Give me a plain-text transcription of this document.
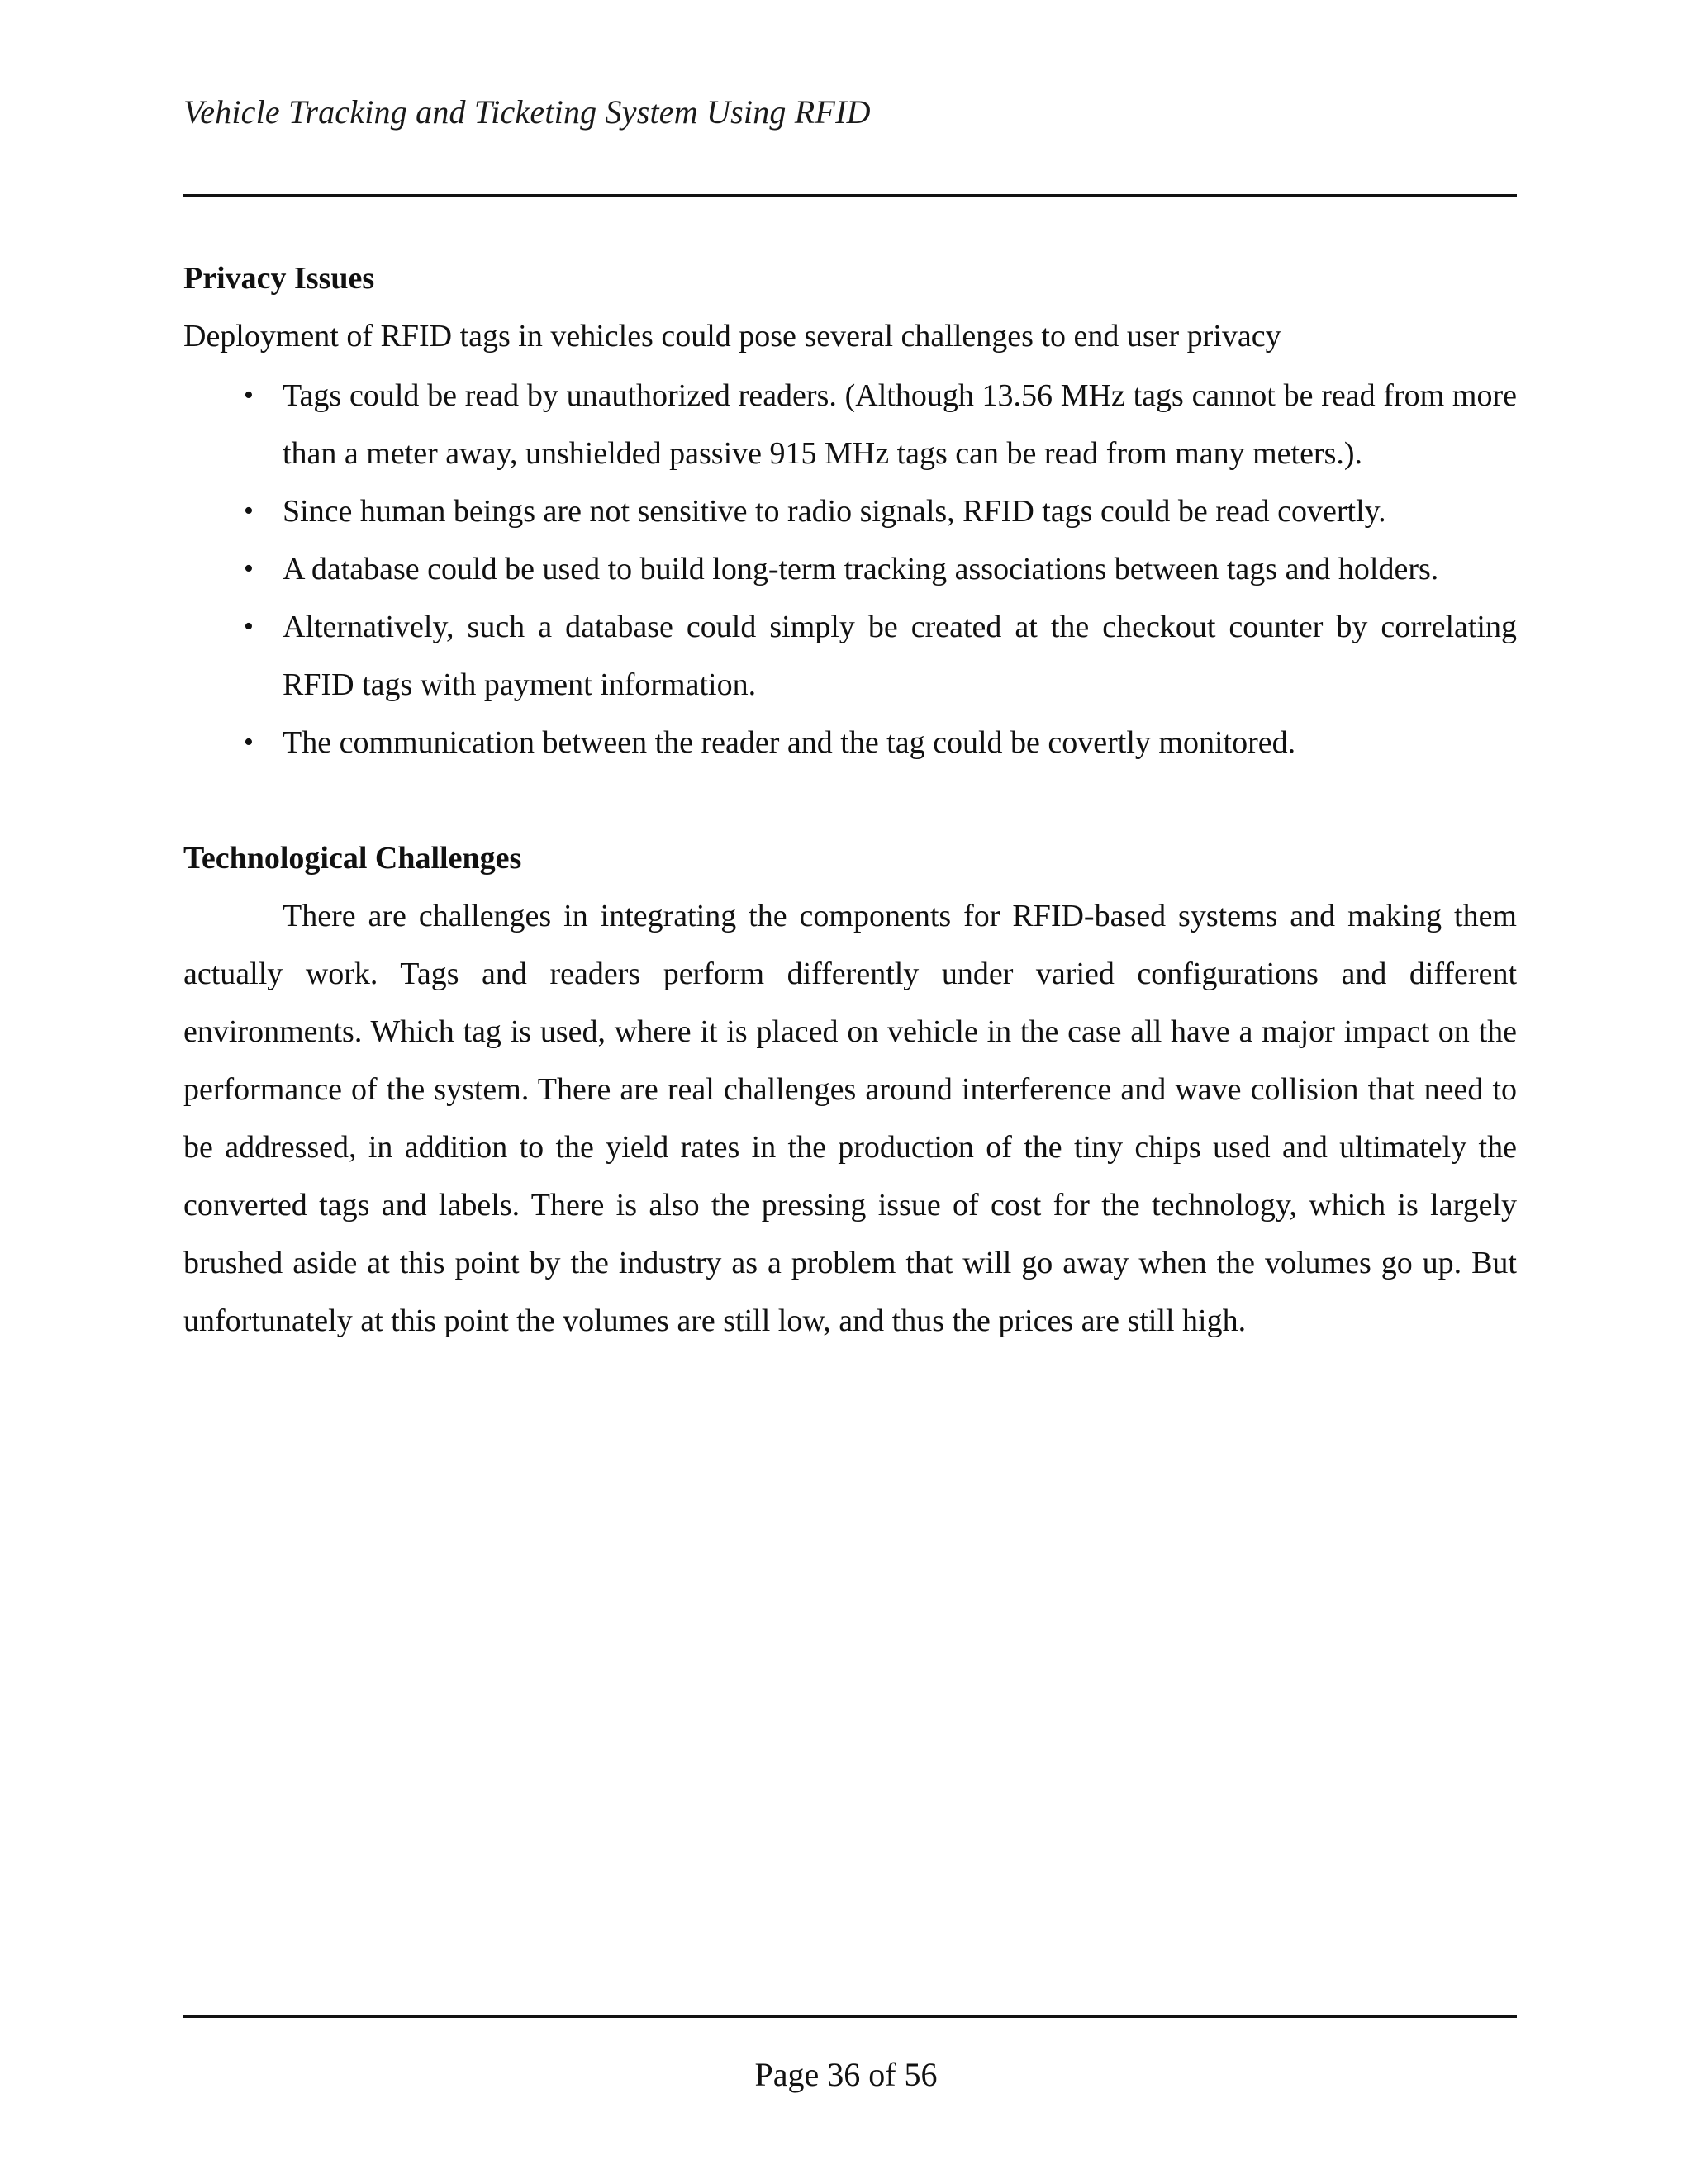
Vehicle Tracking and Ticketing System Using RFID
Privacy Issues

Deployment of RFID tags in vehicles could pose several challenges to end user privacy

• Tags could be read by unauthorized readers. (Although 13.56 MHz tags cannot be read from more than a meter away, unshielded passive 915 MHz tags can be read from many meters.).
• Since human beings are not sensitive to radio signals, RFID tags could be read covertly.
• A database could be used to build long-term tracking associations between tags and holders.
• Alternatively, such a database could simply be created at the checkout counter by correlating RFID tags with payment information.
• The communication between the reader and the tag could be covertly monitored.
Technological Challenges

There are challenges in integrating the components for RFID-based systems and making them actually work. Tags and readers perform differently under varied configurations and different environments. Which tag is used, where it is placed on vehicle in the case all have a major impact on the performance of the system. There are real challenges around interference and wave collision that need to be addressed, in addition to the yield rates in the production of the tiny chips used and ultimately the converted tags and labels. There is also the pressing issue of cost for the technology, which is largely brushed aside at this point by the industry as a problem that will go away when the volumes go up. But unfortunately at this point the volumes are still low, and thus the prices are still high.

Page 36 of 56
